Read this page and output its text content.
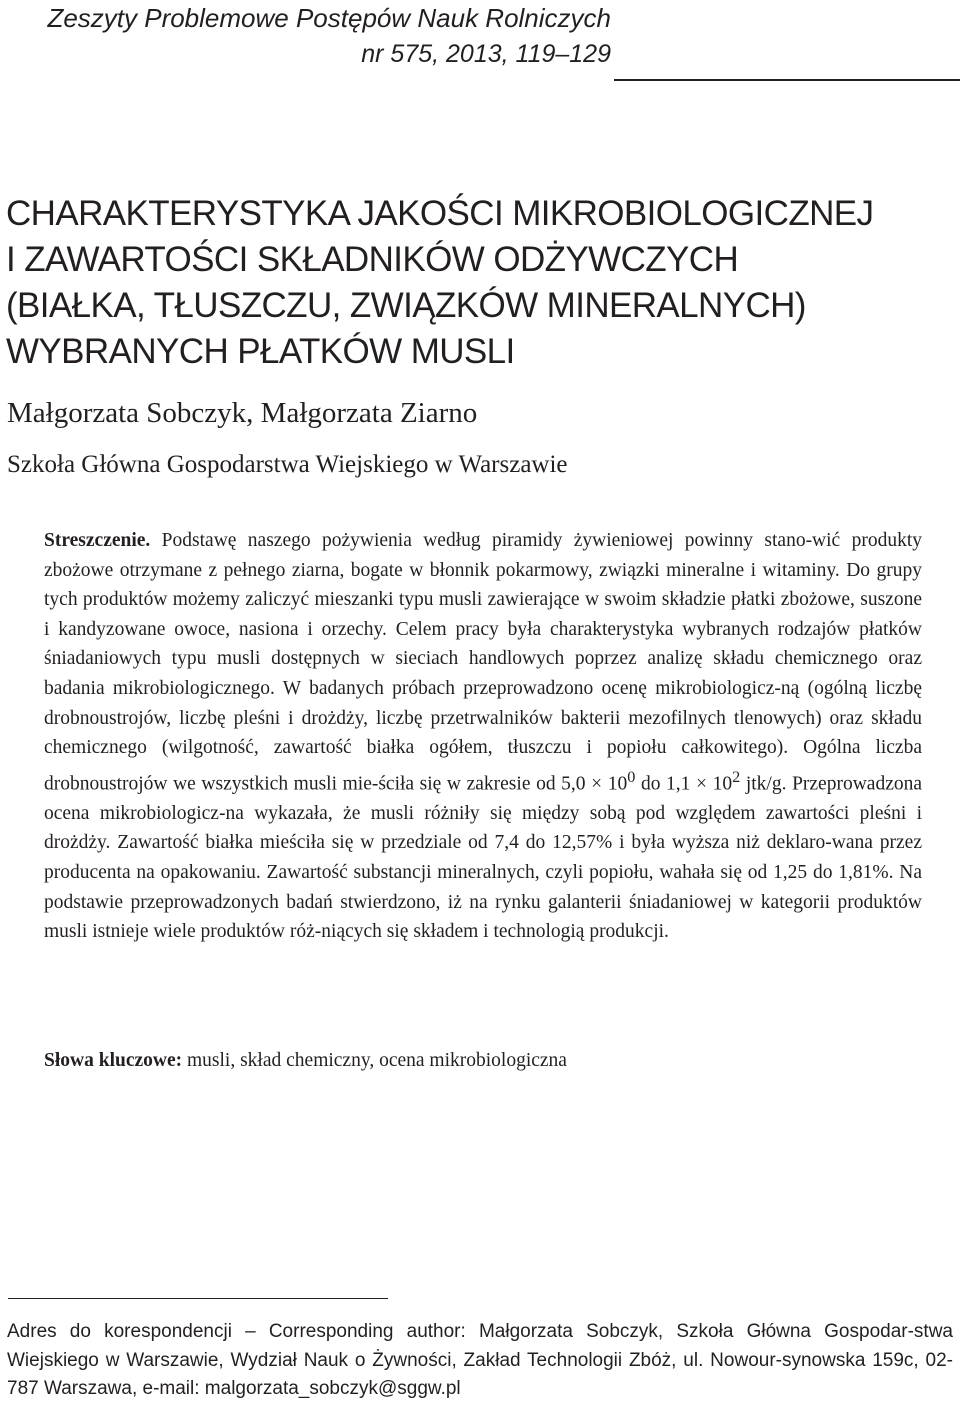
Zeszyty Problemowe Postępów Nauk Rolniczych
nr 575, 2013, 119–129
CHARAKTERYSTYKA JAKOŚCI MIKROBIOLOGICZNEJ
I ZAWARTOŚCI SKŁADNIKÓW ODŻYWCZYCH
(BIAŁKA, TŁUSZCZU, ZWIĄZKÓW MINERALNYCH)
WYBRANYCH PŁATKÓW MUSLI
Małgorzata Sobczyk, Małgorzata Ziarno
Szkoła Główna Gospodarstwa Wiejskiego w Warszawie

Streszczenie. Podstawę naszego pożywienia według piramidy żywieniowej powinny stano-wić produkty zbożowe otrzymane z pełnego ziarna, bogate w błonnik pokarmowy, związki mineralne i witaminy. Do grupy tych produktów możemy zaliczyć mieszanki typu musli zawierające w swoim składzie płatki zbożowe, suszone i kandyzowane owoce, nasiona i orzechy. Celem pracy była charakterystyka wybranych rodzajów płatków śniadaniowych typu musli dostępnych w sieciach handlowych poprzez analizę składu chemicznego oraz badania mikrobiologicznego. W badanych próbach przeprowadzono ocenę mikrobiologicz-ną (ogólną liczbę drobnoustrojów, liczbę pleśni i drożdży, liczbę przetrwalników bakterii mezofilnych tlenowych) oraz składu chemicznego (wilgotność, zawartość białka ogółem, tłuszczu i popiołu całkowitego). Ogólna liczba drobnoustrojów we wszystkich musli mie-ściła się w zakresie od $5,0 \times 10^0$ do $1,1 \times 10^2$ jtk/g. Przeprowadzona ocena mikrobiologicz-na wykazała, że musli różniły się między sobą pod względem zawartości pleśni i drożdży. Zawartość białka mieściła się w przedziale od 7,4 do 12,57% i była wyższa niż deklaro-wana przez producenta na opakowaniu. Zawartość substancji mineralnych, czyli popiołu, wahała się od 1,25 do 1,81%. Na podstawie przeprowadzonych badań stwierdzono, iż na rynku galanterii śniadaniowej w kategorii produktów musli istnieje wiele produktów róż-niących się składem i technologią produkcji.

Słowa kluczowe: musli, skład chemiczny, ocena mikrobiologiczna

Adres do korespondencji – Corresponding author: Małgorzata Sobczyk, Szkoła Główna Gospodar-stwa Wiejskiego w Warszawie, Wydział Nauk o Żywności, Zakład Technologii Zbóż, ul. Nowour-synowska 159c, 02-787 Warszawa, e-mail: malgorzata_sobczyk@sggw.pl
